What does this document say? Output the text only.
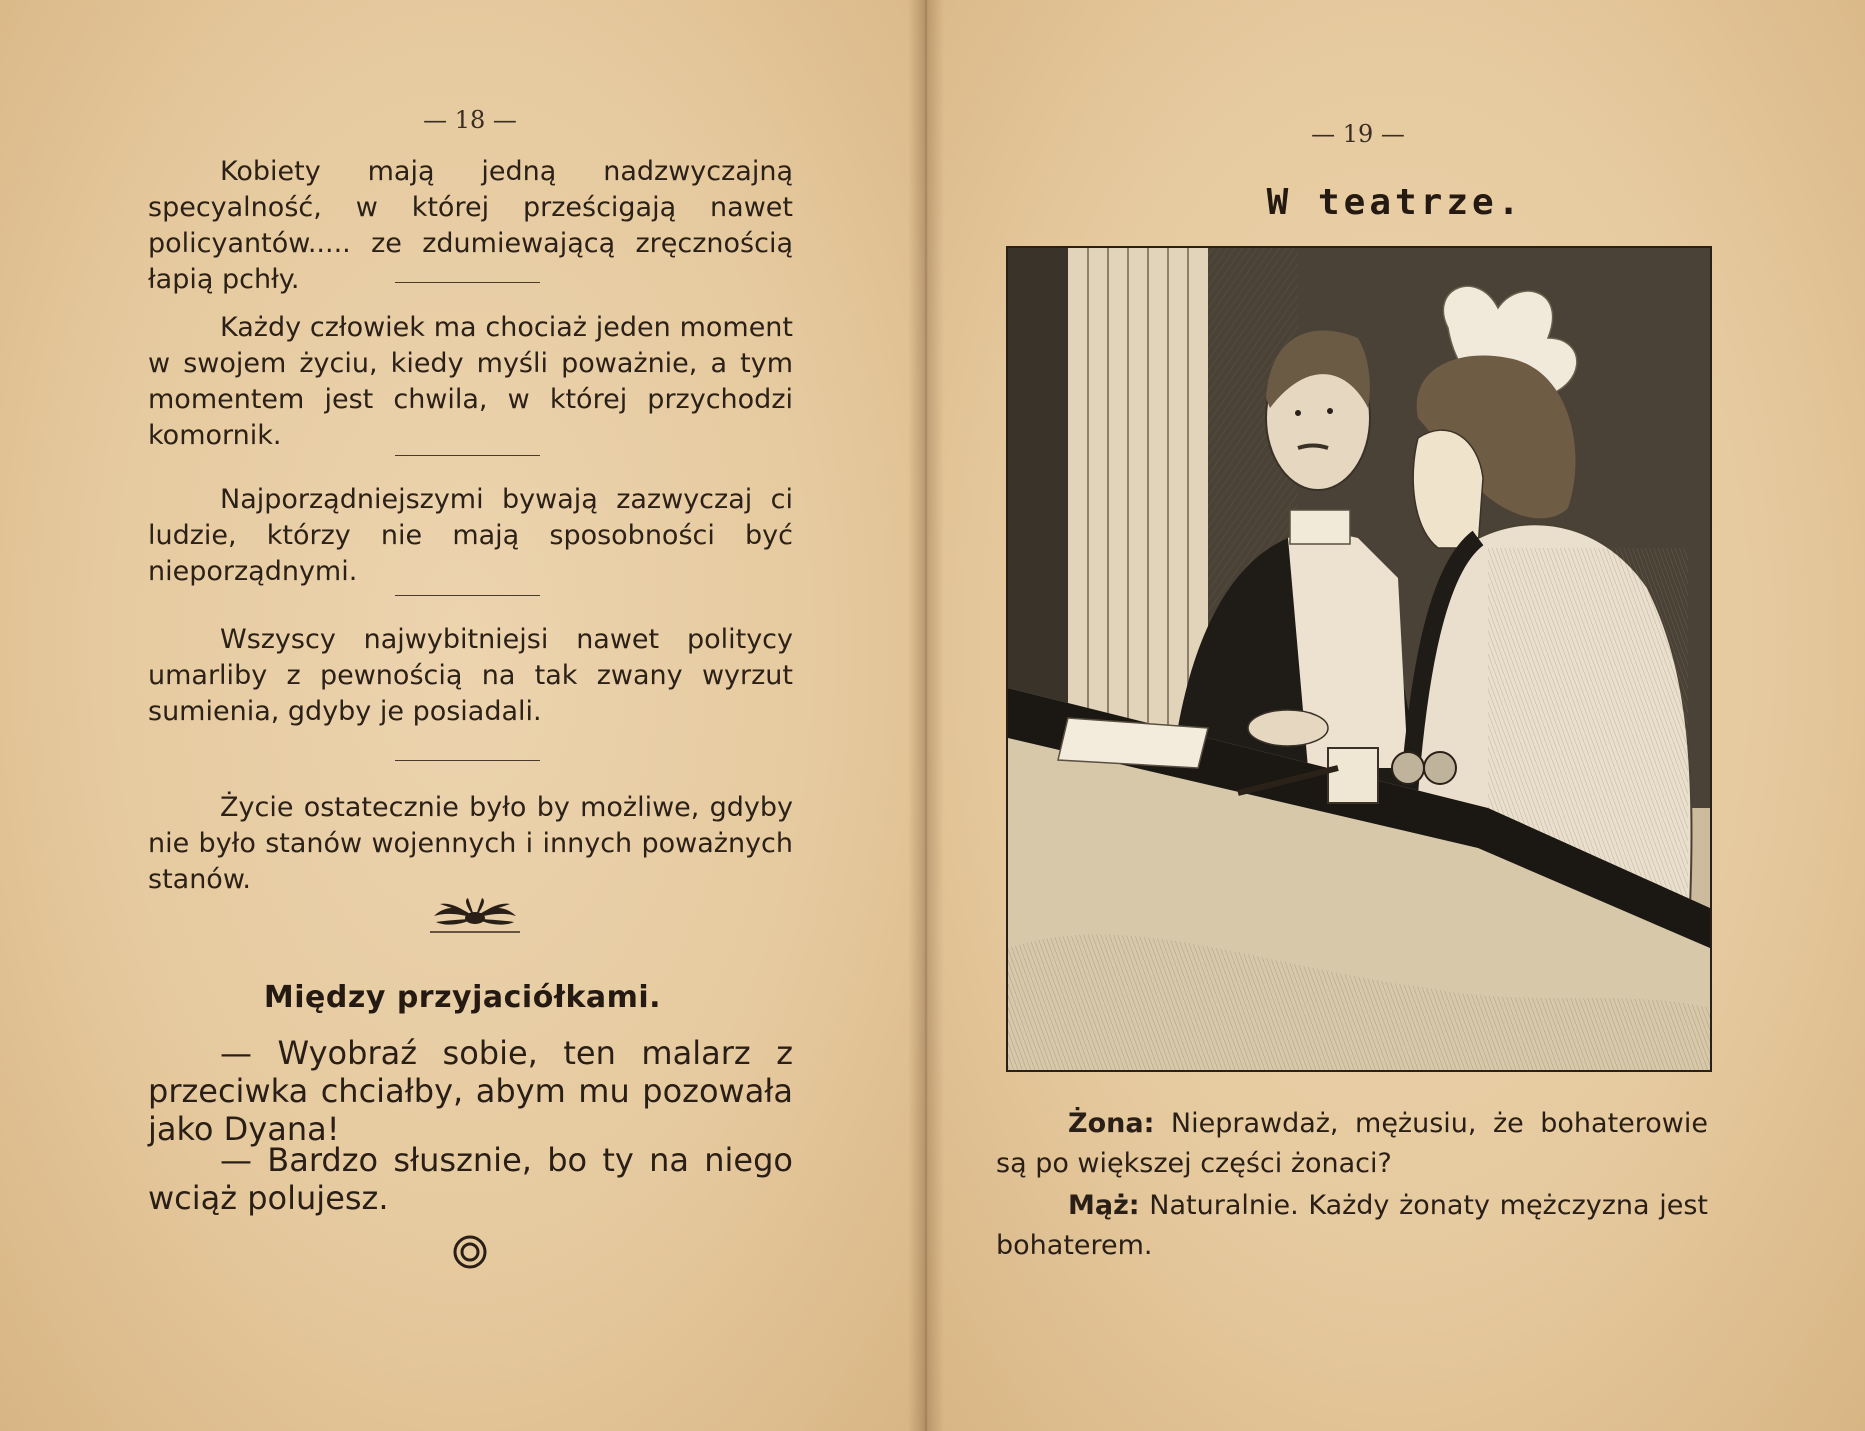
— 18 —

Kobiety mają jedną nadzwyczajną specyalność, w której prześcigają nawet policyantów..... ze zdumiewającą zręcznością łapią pchły.

Każdy człowiek ma chociaż jeden moment w swojem życiu, kiedy myśli poważnie, a tym momentem jest chwila, w której przychodzi komornik.

Najporządniejszymi bywają zazwyczaj ci ludzie, którzy nie mają sposobności być nieporządnymi.

Wszyscy najwybitniejsi nawet politycy umarliby z pewnością na tak zwany wyrzut sumienia, gdyby je posiadali.

Życie ostatecznie było by możliwe, gdyby nie było stanów wojennych i innych poważnych stanów.

Między przyjaciółkami.

— Wyobraź sobie, ten malarz z przeciwka chciałby, abym mu pozowała jako Dyana!

— Bardzo słusznie, bo ty na niego wciąż polujesz.

— 19 —
W teatrze.

Żona: Nieprawdaż, mężusiu, że bohaterowie są po większej części żonaci?

Mąż: Naturalnie. Każdy żonaty mężczyzna jest bohaterem.
